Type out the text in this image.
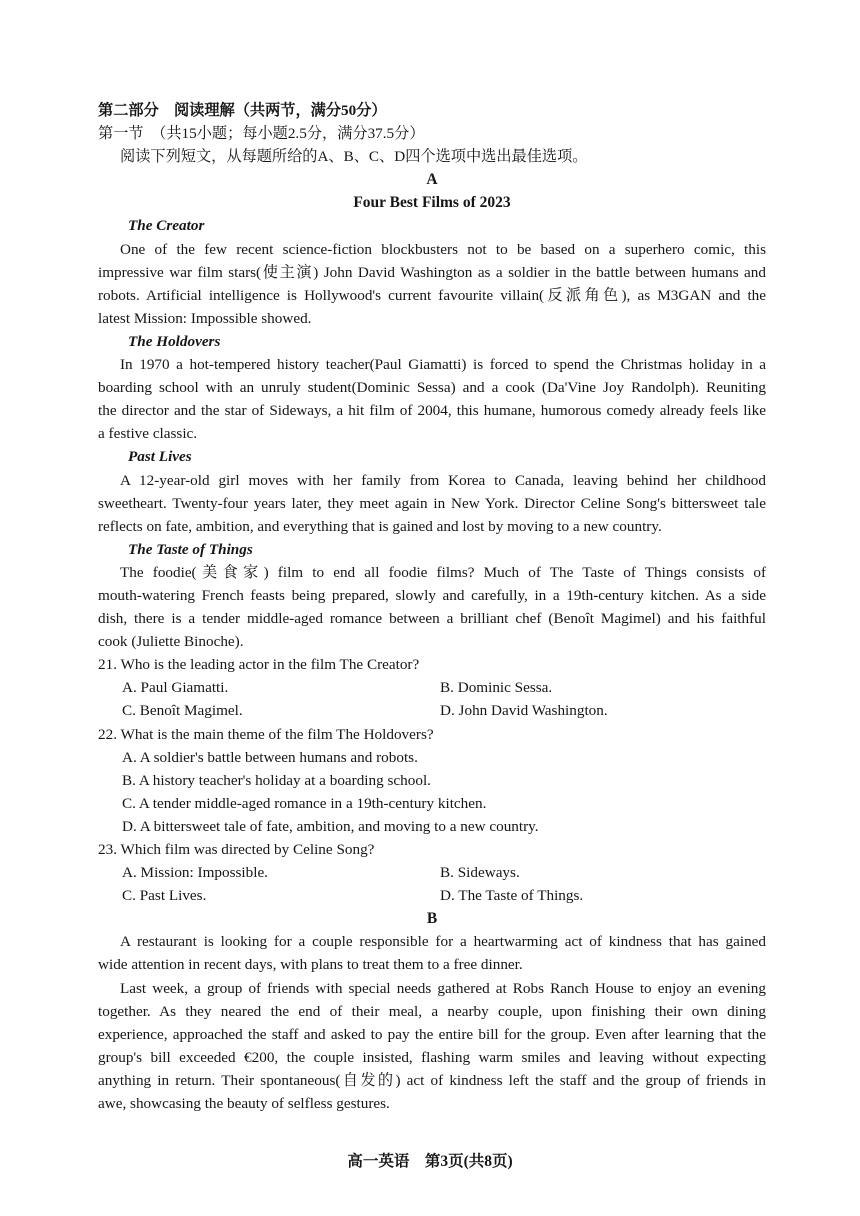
第二部分　阅读理解（共两节，满分50分）
第一节　（共15小题；每小题2.5分，满分37.5分）
阅读下列短文，从每题所给的A、B、C、D四个选项中选出最佳选项。
A
Four Best Films of 2023
The Creator
One of the few recent science-fiction blockbusters not to be based on a superhero comic, this
impressive war film stars(使主演) John David Washington as a soldier in the battle between humans and
robots. Artificial intelligence is Hollywood's current favourite villain(反派角色), as M3GAN and the
latest Mission: Impossible showed.
The Holdovers
In 1970 a hot-tempered history teacher(Paul Giamatti) is forced to spend the Christmas holiday in a
boarding school with an unruly student(Dominic Sessa) and a cook (Da'Vine Joy Randolph). Reuniting
the director and the star of Sideways, a hit film of 2004, this humane, humorous comedy already feels like
a festive classic.
Past Lives
A 12-year-old girl moves with her family from Korea to Canada, leaving behind her childhood
sweetheart. Twenty-four years later, they meet again in New York. Director Celine Song's bittersweet tale
reflects on fate, ambition, and everything that is gained and lost by moving to a new country.
The Taste of Things
The foodie(美食家) film to end all foodie films? Much of The Taste of Things consists of
mouth-watering French feasts being prepared, slowly and carefully, in a 19th-century kitchen. As a side
dish, there is a tender middle-aged romance between a brilliant chef (Benoît Magimel) and his faithful
cook (Juliette Binoche).
21. Who is the leading actor in the film The Creator?
A. Paul Giamatti.	B. Dominic Sessa.
C. Benoît Magimel.	D. John David Washington.
22. What is the main theme of the film The Holdovers?
A. A soldier's battle between humans and robots.
B. A history teacher's holiday at a boarding school.
C. A tender middle-aged romance in a 19th-century kitchen.
D. A bittersweet tale of fate, ambition, and moving to a new country.
23. Which film was directed by Celine Song?
A. Mission: Impossible.	B. Sideways.
C. Past Lives.	D. The Taste of Things.
B
A restaurant is looking for a couple responsible for a heartwarming act of kindness that has gained
wide attention in recent days, with plans to treat them to a free dinner.
Last week, a group of friends with special needs gathered at Robs Ranch House to enjoy an evening
together. As they neared the end of their meal, a nearby couple, upon finishing their own dining
experience, approached the staff and asked to pay the entire bill for the group. Even after learning that the
group's bill exceeded €200, the couple insisted, flashing warm smiles and leaving without expecting
anything in return. Their spontaneous(自发的) act of kindness left the staff and the group of friends in
awe, showcasing the beauty of selfless gestures.
高一英语　第3页(共8页)
